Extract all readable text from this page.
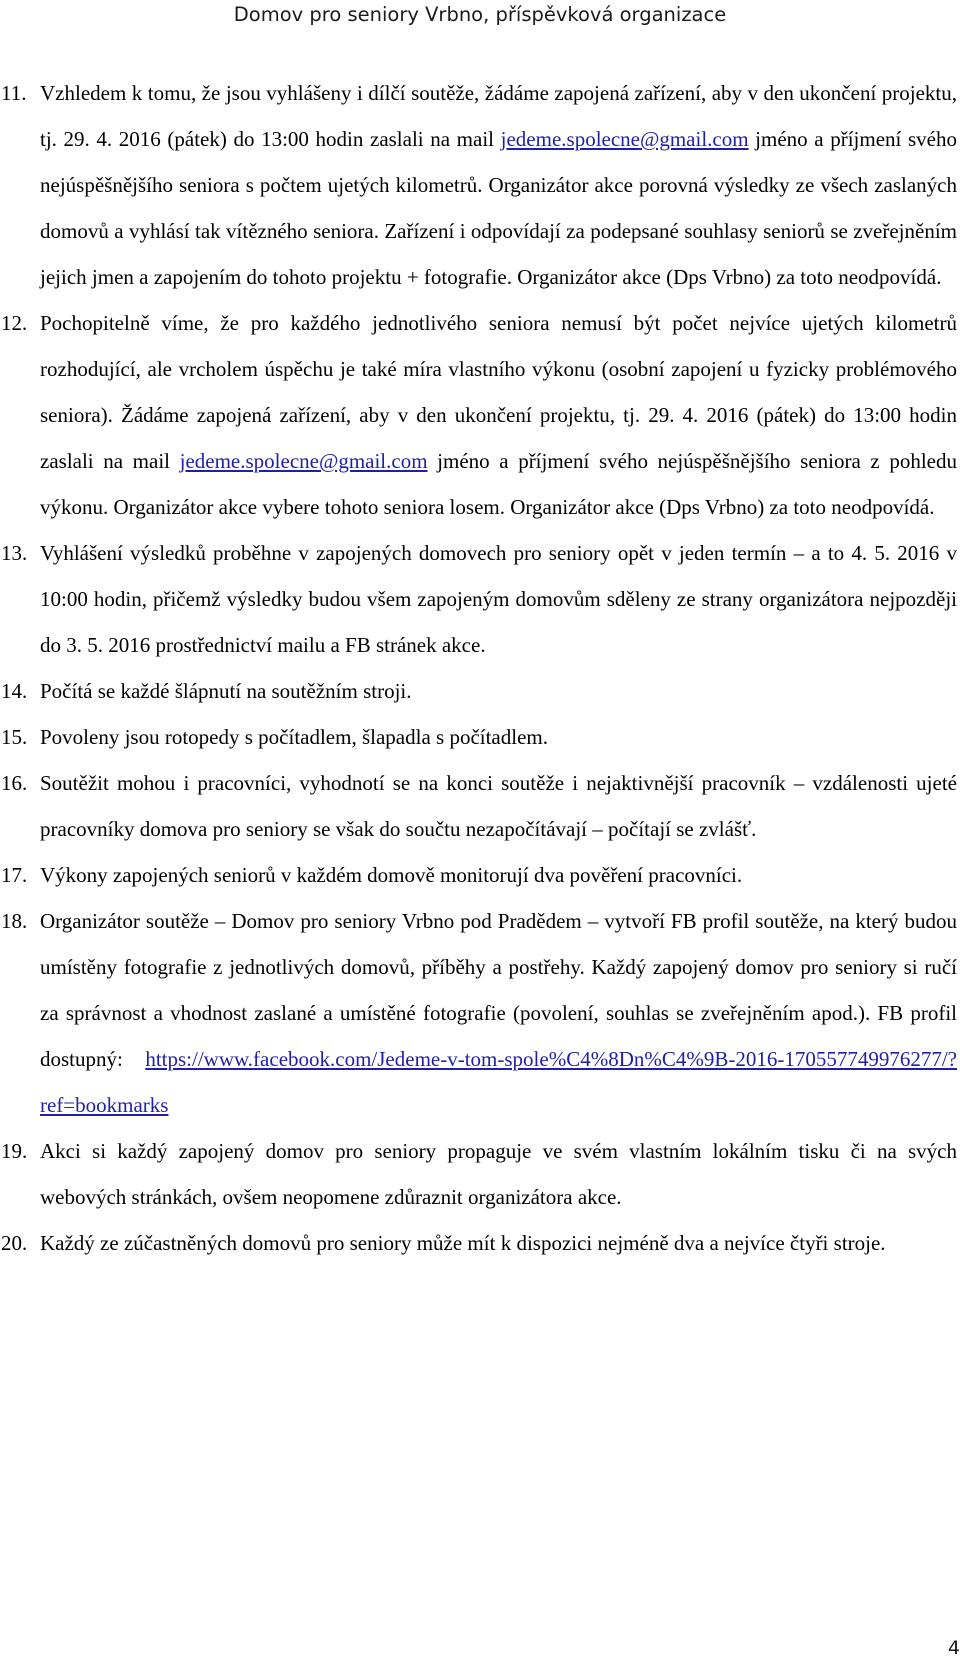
Domov pro seniory Vrbno, příspěvková organizace
11. Vzhledem k tomu, že jsou vyhlášeny i dílčí soutěže, žádáme zapojená zařízení, aby v den ukončení projektu, tj. 29. 4. 2016 (pátek) do 13:00 hodin zaslali na mail jedeme.spolecne@gmail.com jméno a příjmení svého nejúspěšnějšího seniora s počtem ujetých kilometrů. Organizátor akce porovná výsledky ze všech zaslaných domovů a vyhlásí tak vítězného seniora. Zařízení i odpovídají za podepsané souhlasy seniorů se zveřejněním jejich jmen a zapojením do tohoto projektu + fotografie. Organizátor akce (Dps Vrbno) za toto neodpovídá.
12. Pochopitelně víme, že pro každého jednotlivého seniora nemusí být počet nejvíce ujetých kilometrů rozhodující, ale vrcholem úspěchu je také míra vlastního výkonu (osobní zapojení u fyzicky problémového seniora). Žádáme zapojená zařízení, aby v den ukončení projektu, tj. 29. 4. 2016 (pátek) do 13:00 hodin zaslali na mail jedeme.spolecne@gmail.com jméno a příjmení svého nejúspěšnějšího seniora z pohledu výkonu. Organizátor akce vybere tohoto seniora losem. Organizátor akce (Dps Vrbno) za toto neodpovídá.
13. Vyhlášení výsledků proběhne v zapojených domovech pro seniory opět v jeden termín – a to 4. 5. 2016 v 10:00 hodin, přičemž výsledky budou všem zapojeným domovům sděleny ze strany organizátora nejpozději do 3. 5. 2016 prostřednictví mailu a FB stránek akce.
14. Počítá se každé šlápnutí na soutěžním stroji.
15. Povoleny jsou rotopedy s počítadlem, šlapadla s počítadlem.
16. Soutěžit mohou i pracovníci, vyhodnotí se na konci soutěže i nejaktivnější pracovník – vzdálenosti ujeté pracovníky domova pro seniory se však do součtu nezapočítávají – počítají se zvlášť.
17. Výkony zapojených seniorů v každém domově monitorují dva pověření pracovníci.
18. Organizátor soutěže – Domov pro seniory Vrbno pod Pradědem – vytvoří FB profil soutěže, na který budou umístěny fotografie z jednotlivých domovů, příběhy a postřehy. Každý zapojený domov pro seniory si ručí za správnost a vhodnost zaslané a umístěné fotografie (povolení, souhlas se zveřejněním apod.). FB profil dostupný: https://www.facebook.com/Jedeme-v-tom-spole%C4%8Dn%C4%9B-2016-170557749976277/?ref=bookmarks
19. Akci si každý zapojený domov pro seniory propaguje ve svém vlastním lokálním tisku či na svých webových stránkách, ovšem neopomene zdůraznit organizátora akce.
20. Každý ze zúčastněných domovů pro seniory může mít k dispozici nejméně dva a nejvíce čtyři stroje.
4
